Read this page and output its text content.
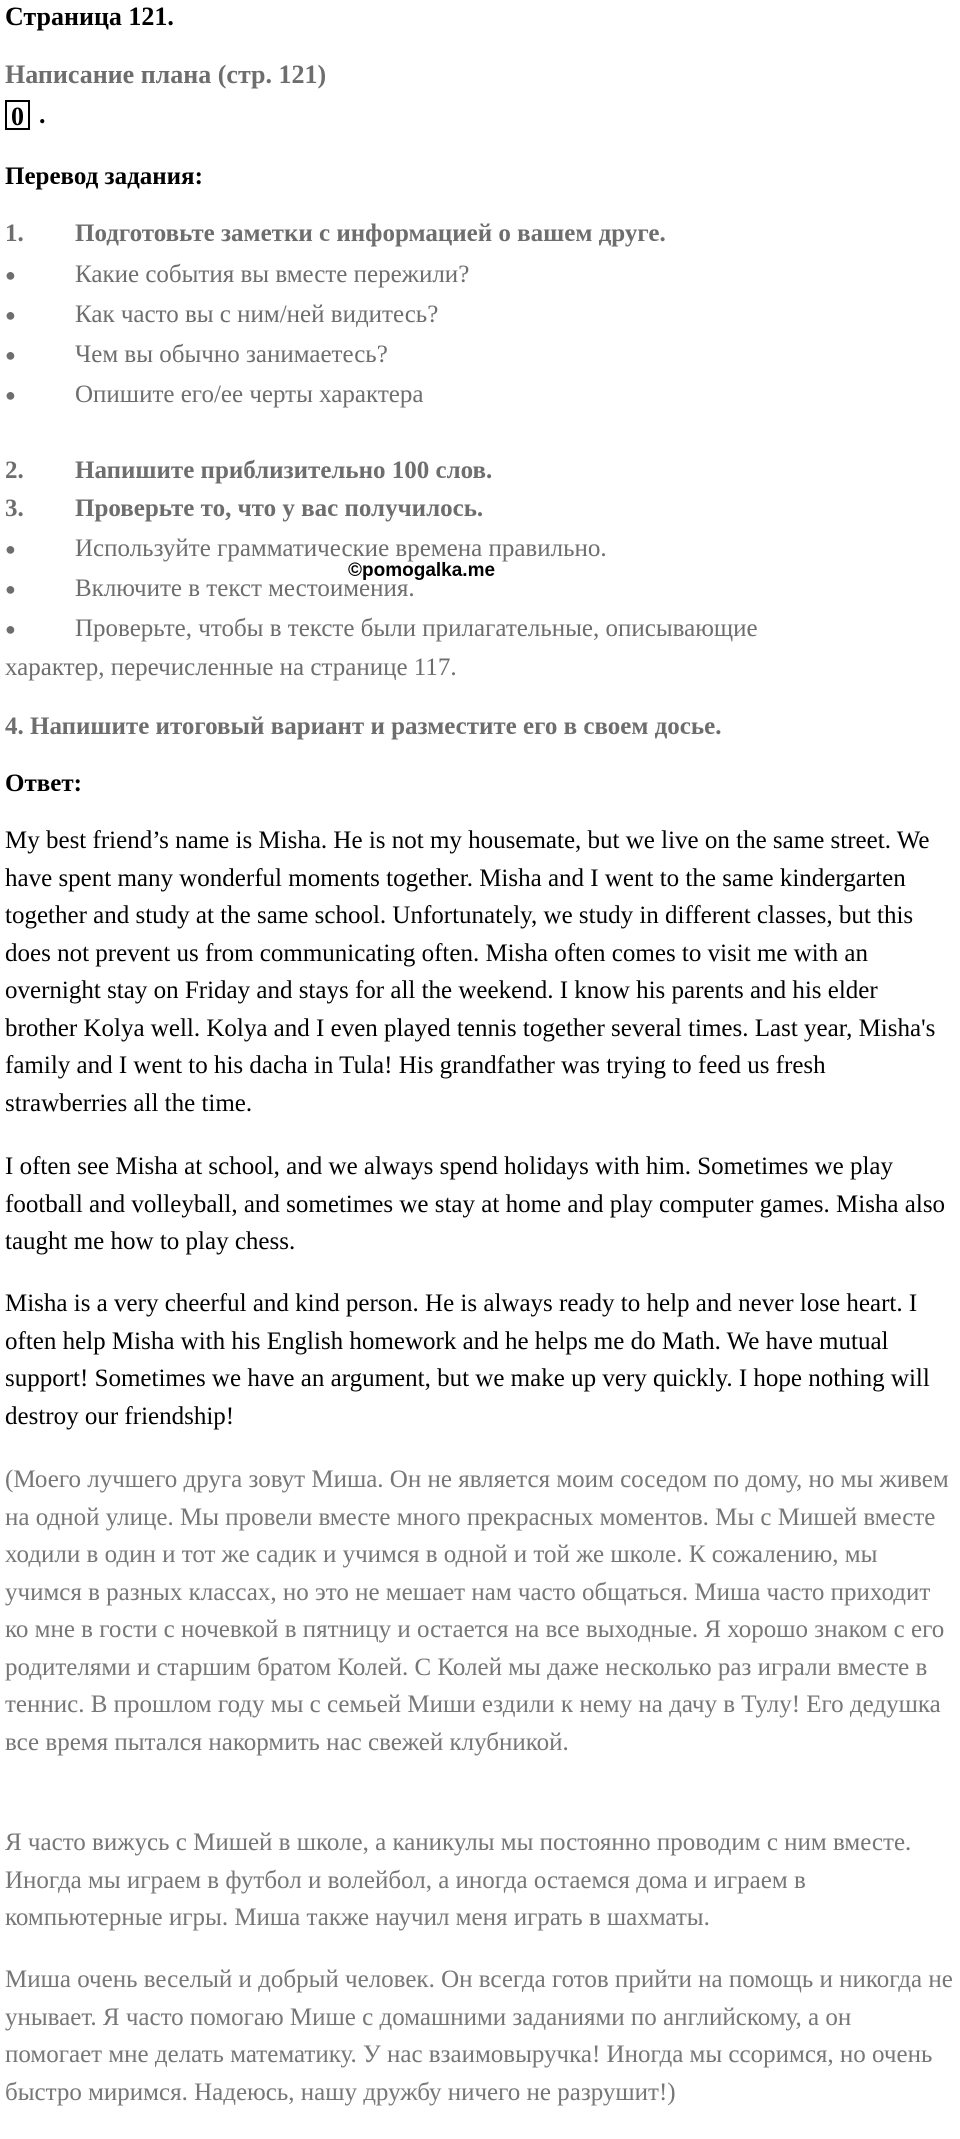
Страница 121.
Написание плана (стр. 121)
0 .
Перевод задания:
1. Подготовьте заметки с информацией о вашем друге.
● Какие события вы вместе пережили?
● Как часто вы с ним/ней видитесь?
● Чем вы обычно занимаетесь?
● Опишите его/ее черты характера
2. Напишите приблизительно 100 слов.
3. Проверьте то, что у вас получилось.
● Используйте грамматические времена правильно.
● Включите в текст местоимения.
● Проверьте, чтобы в тексте были прилагательные, описывающие
характер, перечисленные на странице 117.
©pomogalka.me
4. Напишите итоговый вариант и разместите его в своем досье.
Ответ:
My best friend’s name is Misha. He is not my housemate, but we live on the same street. We have spent many wonderful moments together. Misha and I went to the same kindergarten together and study at the same school. Unfortunately, we study in different classes, but this does not prevent us from communicating often. Misha often comes to visit me with an overnight stay on Friday and stays for all the weekend. I know his parents and his elder brother Kolya well. Kolya and I even played tennis together several times. Last year, Misha's family and I went to his dacha in Tula! His grandfather was trying to feed us fresh strawberries all the time.
I often see Misha at school, and we always spend holidays with him. Sometimes we play football and volleyball, and sometimes we stay at home and play computer games. Misha also taught me how to play chess.
Misha is a very cheerful and kind person. He is always ready to help and never lose heart. I often help Misha with his English homework and he helps me do Math. We have mutual support! Sometimes we have an argument, but we make up very quickly. I hope nothing will destroy our friendship!
(Моего лучшего друга зовут Миша. Он не является моим соседом по дому, но мы живем на одной улице. Мы провели вместе много прекрасных моментов. Мы с Мишей вместе ходили в один и тот же садик и учимся в одной и той же школе. К сожалению, мы учимся в разных классах, но это не мешает нам часто общаться. Миша часто приходит ко мне в гости с ночевкой в пятницу и остается на все выходные. Я хорошо знаком с его родителями и старшим братом Колей. С Колей мы даже несколько раз играли вместе в теннис. В прошлом году мы с семьей Миши ездили к нему на дачу в Тулу! Его дедушка все время пытался накормить нас свежей клубникой.
Я часто вижусь с Мишей в школе, а каникулы мы постоянно проводим с ним вместе. Иногда мы играем в футбол и волейбол, а иногда остаемся дома и играем в компьютерные игры. Миша также научил меня играть в шахматы.
Миша очень веселый и добрый человек. Он всегда готов прийти на помощь и никогда не унывает. Я часто помогаю Мише с домашними заданиями по английскому, а он помогает мне делать математику. У нас взаимовыручка! Иногда мы ссоримся, но очень быстро миримся. Надеюсь, нашу дружбу ничего не разрушит!)
